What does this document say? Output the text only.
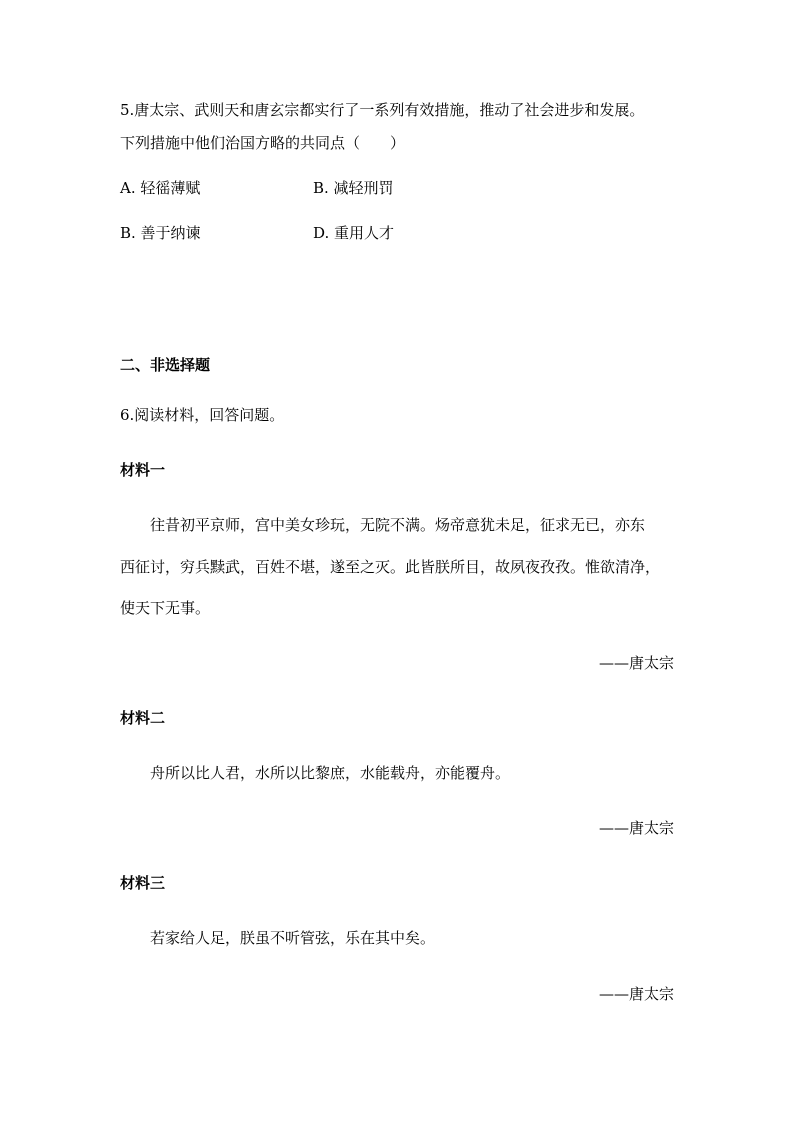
5.唐太宗、武则天和唐玄宗都实行了一系列有效措施，推动了社会进步和发展。
下列措施中他们治国方略的共同点（　　）
A. 轻徭薄赋	B. 减轻刑罚
B. 善于纳谏	D. 重用人才
二、非选择题
6.阅读材料，回答问题。
材料一
往昔初平京师，宫中美女珍玩，无院不满。炀帝意犹未足，征求无已，亦东
西征讨，穷兵黩武，百姓不堪，遂至之灭。此皆朕所目，故夙夜孜孜。惟欲清净，
使天下无事。
——唐太宗
材料二
舟所以比人君，水所以比黎庶，水能载舟，亦能覆舟。
——唐太宗
材料三
若家给人足，朕虽不听管弦，乐在其中矣。
——唐太宗
